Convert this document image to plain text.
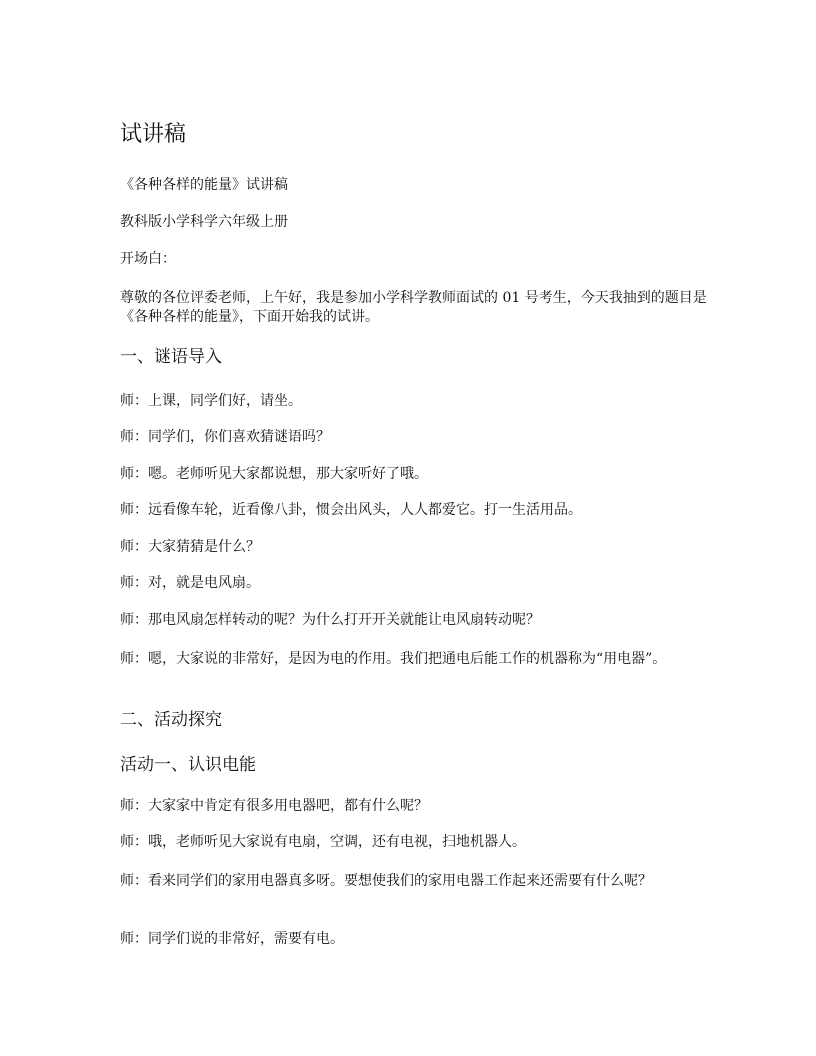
试讲稿

《各种各样的能量》试讲稿

教科版小学科学六年级上册

开场白：

尊敬的各位评委老师，上午好，我是参加小学科学教师面试的 01 号考生，今天我抽到的题目是《各种各样的能量》，下面开始我的试讲。

一、谜语导入

师：上课，同学们好，请坐。

师：同学们，你们喜欢猜谜语吗？

师：嗯。老师听见大家都说想，那大家听好了哦。

师：远看像车轮，近看像八卦，惯会出风头，人人都爱它。打一生活用品。

师：大家猜猜是什么？

师：对，就是电风扇。

师：那电风扇怎样转动的呢？为什么打开开关就能让电风扇转动呢？

师：嗯，大家说的非常好，是因为电的作用。我们把通电后能工作的机器称为“用电器”。

二、活动探究
活动一、认识电能

师：大家家中肯定有很多用电器吧，都有什么呢？

师：哦，老师听见大家说有电扇，空调，还有电视，扫地机器人。

师：看来同学们的家用电器真多呀。要想使我们的家用电器工作起来还需要有什么呢？

师：同学们说的非常好，需要有电。
